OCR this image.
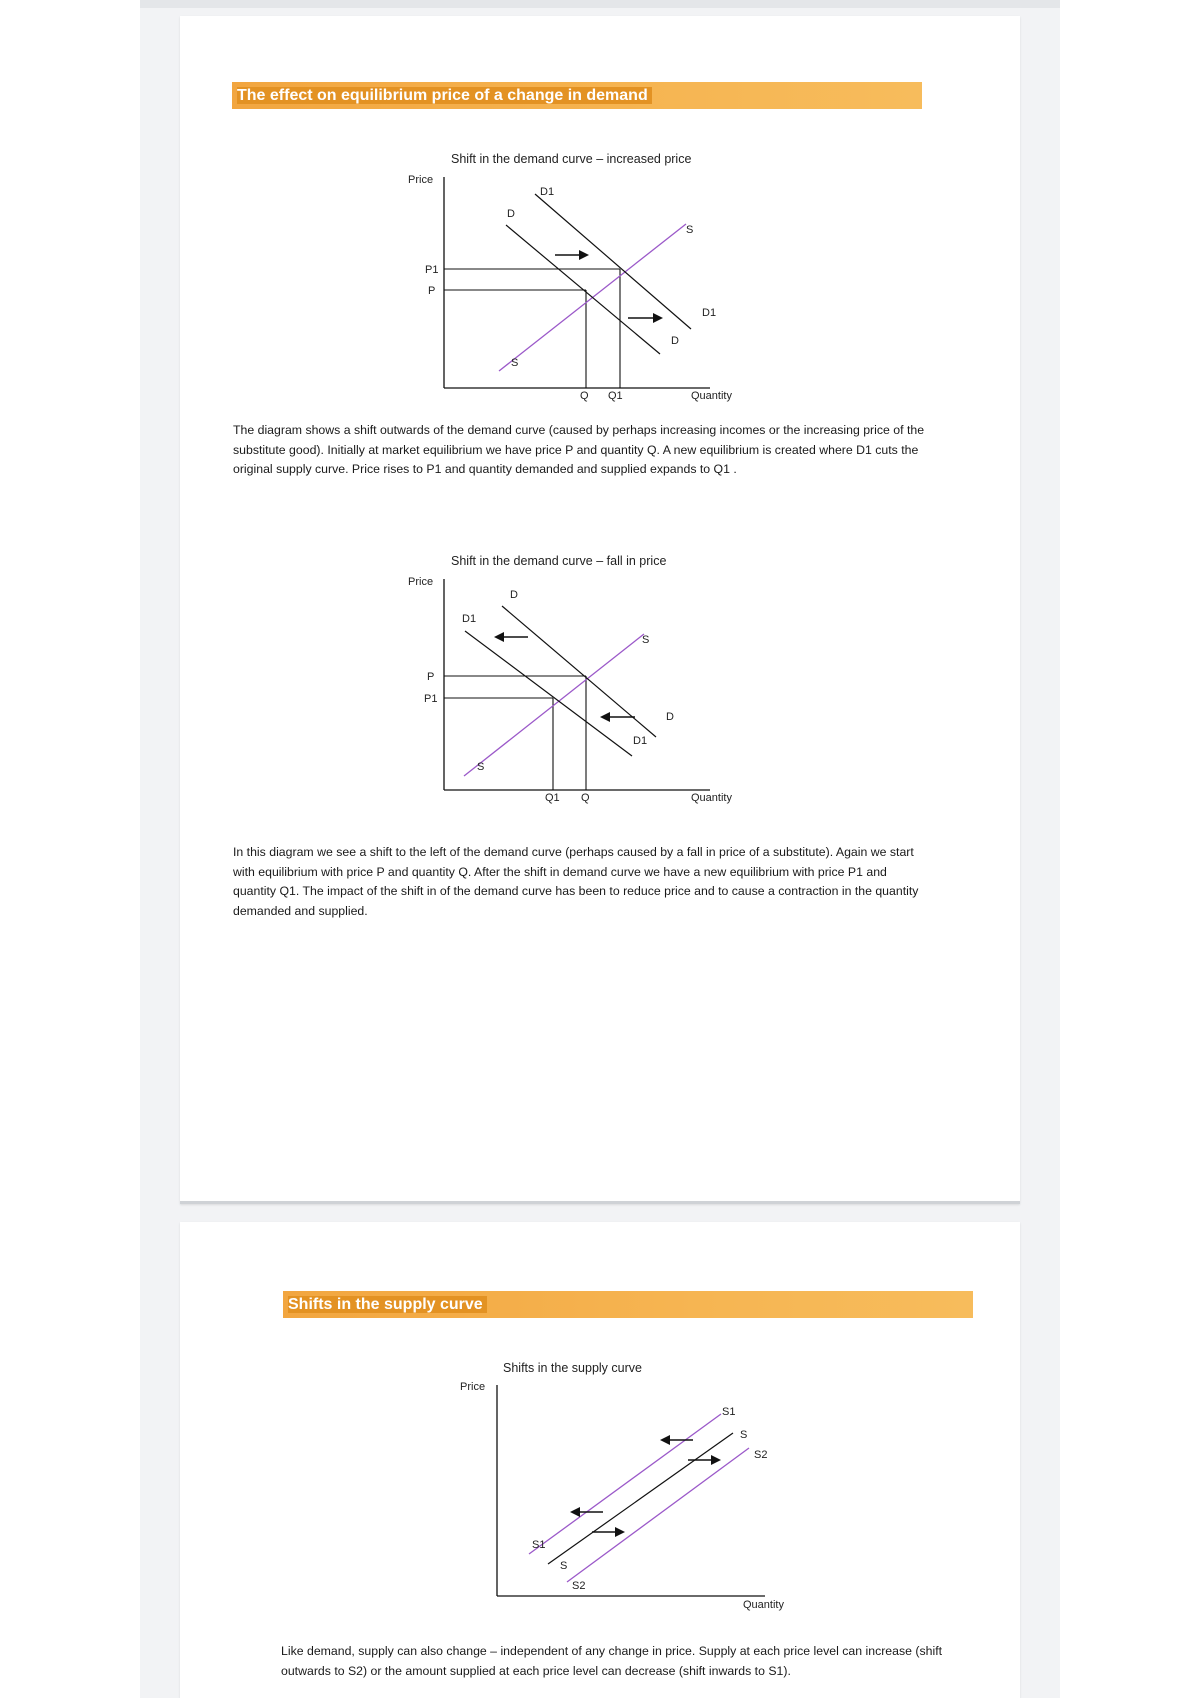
The effect on equilibrium price of a change in demand
Shift in the demand curve – increased price
Price
Quantity
P1
P
D
D1
S
D1
D
S
Q Q1

The diagram shows a shift outwards of the demand curve (caused by perhaps increasing incomes or the increasing price of the substitute good). Initially at market equilibrium we have price P and quantity Q. A new equilibrium is created where D1 cuts the original supply curve. Price rises to P1 and quantity demanded and supplied expands to Q1 .

Shift in the demand curve – fall in price
Price
Quantity
P
P1
D
D1
S
D
D1
S
Q1 Q

In this diagram we see a shift to the left of the demand curve (perhaps caused by a fall in price of a substitute). Again we start with equilibrium with price P and quantity Q. After the shift in demand curve we have a new equilibrium with price P1 and quantity Q1. The impact of the shift in of the demand curve has been to reduce price and to cause a contraction in the quantity demanded and supplied.

Shifts in the supply curve
Shifts in the supply curve
Price
Quantity
S1
S
S2
S1
S
S2

Like demand, supply can also change – independent of any change in price. Supply at each price level can increase (shift outwards to S2) or the amount supplied at each price level can decrease (shift inwards to S1).
